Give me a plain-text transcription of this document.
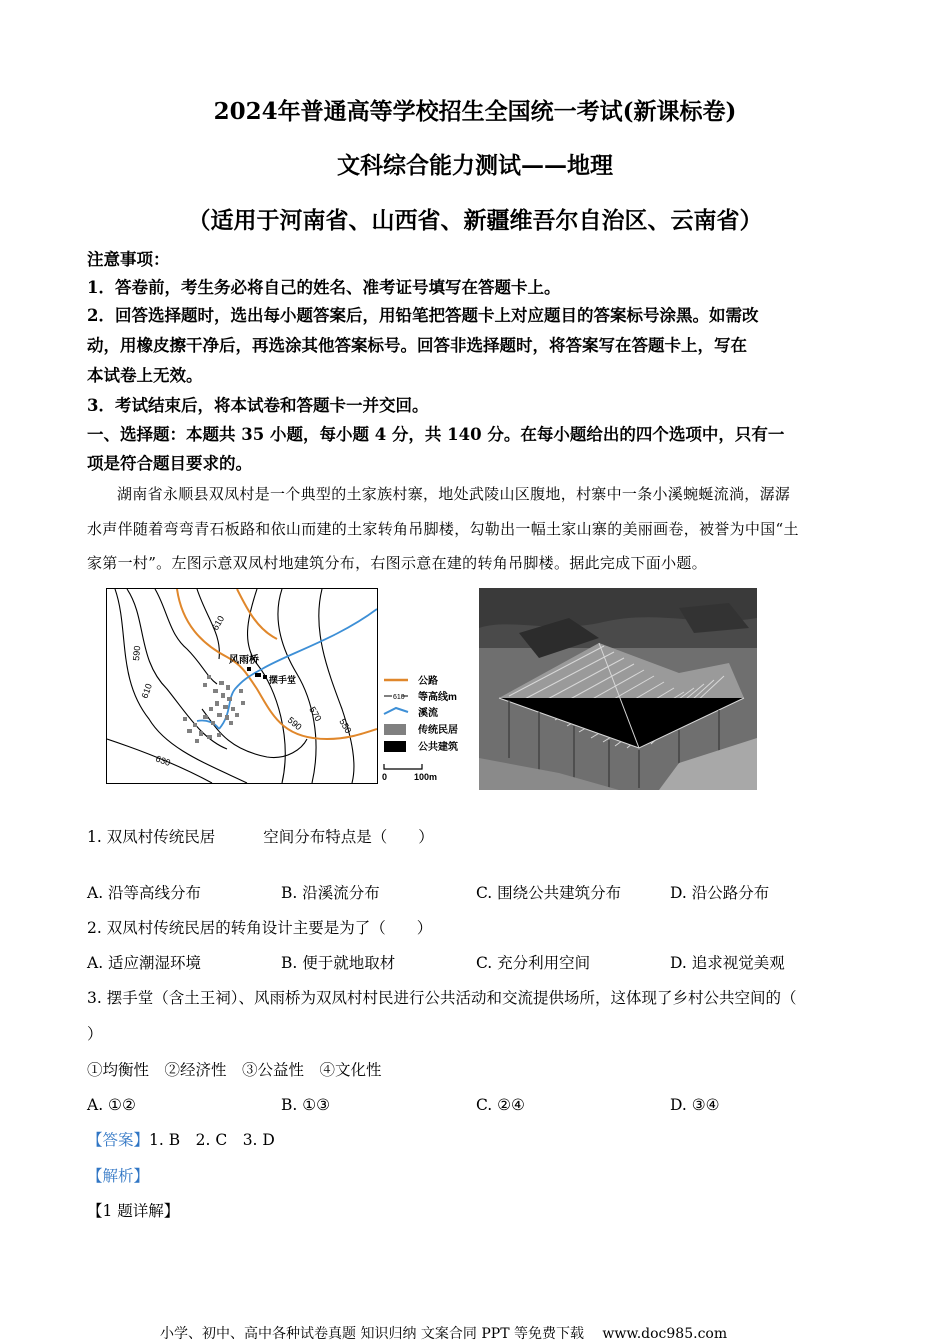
2024年普通高等学校招生全国统一考试(新课标卷)
文科综合能力测试——地理
（适用于河南省、山西省、新疆维吾尔自治区、云南省）
注意事项：
1．答卷前，考生务必将自己的姓名、准考证号填写在答题卡上。
2．回答选择题时，选出每小题答案后，用铅笔把答题卡上对应题目的答案标号涂黑。如需改
动，用橡皮擦干净后，再选涂其他答案标号。回答非选择题时，将答案写在答题卡上，写在
本试卷上无效。
3．考试结束后，将本试卷和答题卡一并交回。
一、选择题：本题共 35 小题，每小题 4 分，共 140 分。在每小题给出的四个选项中，只有一
项是符合题目要求的。
湖南省永顺县双凤村是一个典型的土家族村寨，地处武陵山区腹地，村寨中一条小溪蜿蜒流淌，潺潺
水声伴随着弯弯青石板路和依山而建的土家转角吊脚楼，勾勒出一幅土家山寨的美丽画卷，被誉为中国“土
家第一村”。左图示意双凤村地建筑分布，右图示意在建的转角吊脚楼。据此完成下面小题。
610
590
610
630
590
570
550
风雨桥
摆手堂	公路
610 等高线m
溪流
传统民居
公共建筑
0	100m
1. 双凤村传统民居	空间分布特点是（　　）
A. 沿等高线分布	B. 沿溪流分布	C. 围绕公共建筑分布	D. 沿公路分布
2. 双凤村传统民居的转角设计主要是为了（　　）
A. 适应潮湿环境	B. 便于就地取材	C. 充分利用空间	D. 追求视觉美观
3. 摆手堂（含土王祠）、风雨桥为双凤村村民进行公共活动和交流提供场所，这体现了乡村公共空间的（
）
①均衡性　②经济性　③公益性　④文化性
A. ①②	B. ①③	C. ②④	D. ③④
【答案】1. B　2. C　3. D
【解析】
【1 题详解】
小学、初中、高中各种试卷真题 知识归纳 文案合同 PPT 等免费下载　 www.doc985.com
